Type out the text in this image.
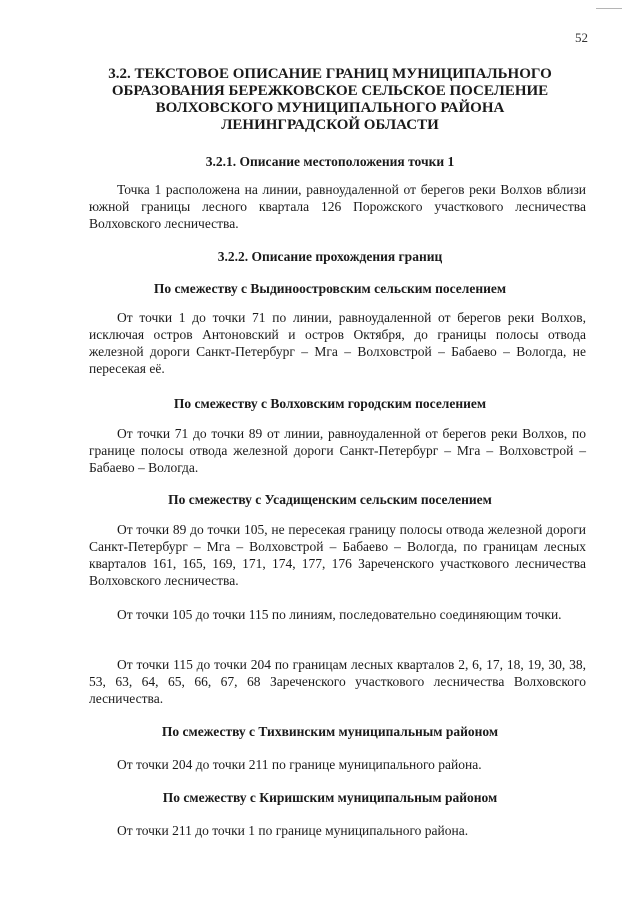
52
3.2. ТЕКСТОВОЕ ОПИСАНИЕ ГРАНИЦ МУНИЦИПАЛЬНОГО ОБРАЗОВАНИЯ БЕРЕЖКОВСКОЕ СЕЛЬСКОЕ ПОСЕЛЕНИЕ ВОЛХОВСКОГО МУНИЦИПАЛЬНОГО РАЙОНА ЛЕНИНГРАДСКОЙ ОБЛАСТИ
3.2.1. Описание местоположения точки 1

Точка 1 расположена на линии, равноудаленной от берегов реки Волхов вблизи южной границы лесного квартала 126 Порожского участкового лесничества Волховского лесничества.

3.2.2. Описание прохождения границ
По смежеству с Выдиноостровским сельским поселением

От точки 1 до точки 71 по линии, равноудаленной от берегов реки Волхов, исключая остров Антоновский и остров Октября, до границы полосы отвода железной дороги Санкт-Петербург – Мга – Волховстрой – Бабаево – Вологда, не пересекая её.

По смежеству с Волховским городским поселением

От точки 71 до точки 89 от линии, равноудаленной от берегов реки Волхов, по границе полосы отвода железной дороги Санкт-Петербург – Мга – Волховстрой – Бабаево – Вологда.

По смежеству с Усадищенским сельским поселением

От точки 89 до точки 105, не пересекая границу полосы отвода железной дороги Санкт-Петербург – Мга – Волховстрой – Бабаево – Вологда, по границам лесных кварталов 161, 165, 169, 171, 174, 177, 176 Зареченского участкового лесничества Волховского лесничества.

От точки 105 до точки 115 по линиям, последовательно соединяющим точки.

От точки 115 до точки 204 по границам лесных кварталов 2, 6, 17, 18, 19, 30, 38, 53, 63, 64, 65, 66, 67, 68 Зареченского участкового лесничества Волховского лесничества.

По смежеству с Тихвинским муниципальным районом

От точки 204 до точки 211 по границе муниципального района.

По смежеству с Киришским муниципальным районом

От точки 211 до точки 1 по границе муниципального района.
